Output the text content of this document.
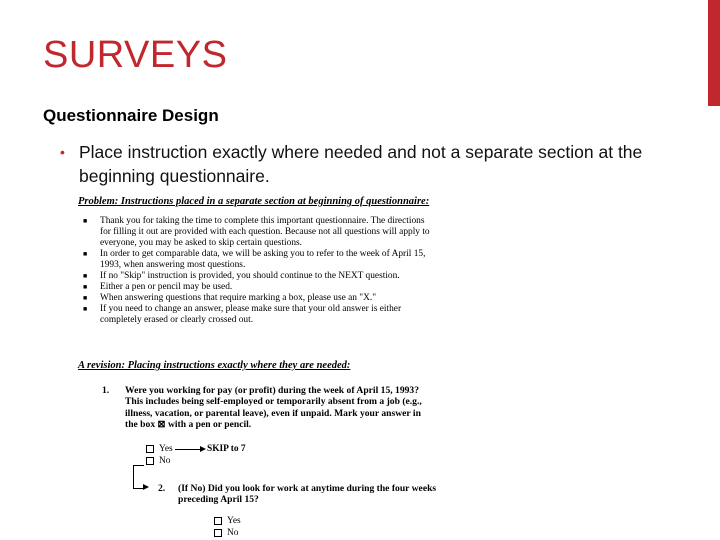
SURVEYS
Questionnaire Design
• Place instruction exactly where needed and not a separate section at the beginning questionnaire.
Problem: Instructions placed in a separate section at beginning of questionnaire:
■ Thank you for taking the time to complete this important questionnaire. The directions for filling it out are provided with each question. Because not all questions will apply to everyone, you may be asked to skip certain questions.
■ In order to get comparable data, we will be asking you to refer to the week of April 15, 1993, when answering most questions.
■ If no "Skip" instruction is provided, you should continue to the NEXT question.
■ Either a pen or pencil may be used.
■ When answering questions that require marking a box, please use an "X."
■ If you need to change an answer, please make sure that your old answer is either completely erased or clearly crossed out.
A revision: Placing instructions exactly where they are needed:
1. Were you working for pay (or profit) during the week of April 15, 1993? This includes being self-employed or temporarily absent from a job (e.g., illness, vacation, or parental leave), even if unpaid. Mark your answer in the box ⊠ with a pen or pencil.
Yes	SKIP to 7
No
2. (If No) Did you look for work at anytime during the four weeks preceding April 15?
Yes
No
